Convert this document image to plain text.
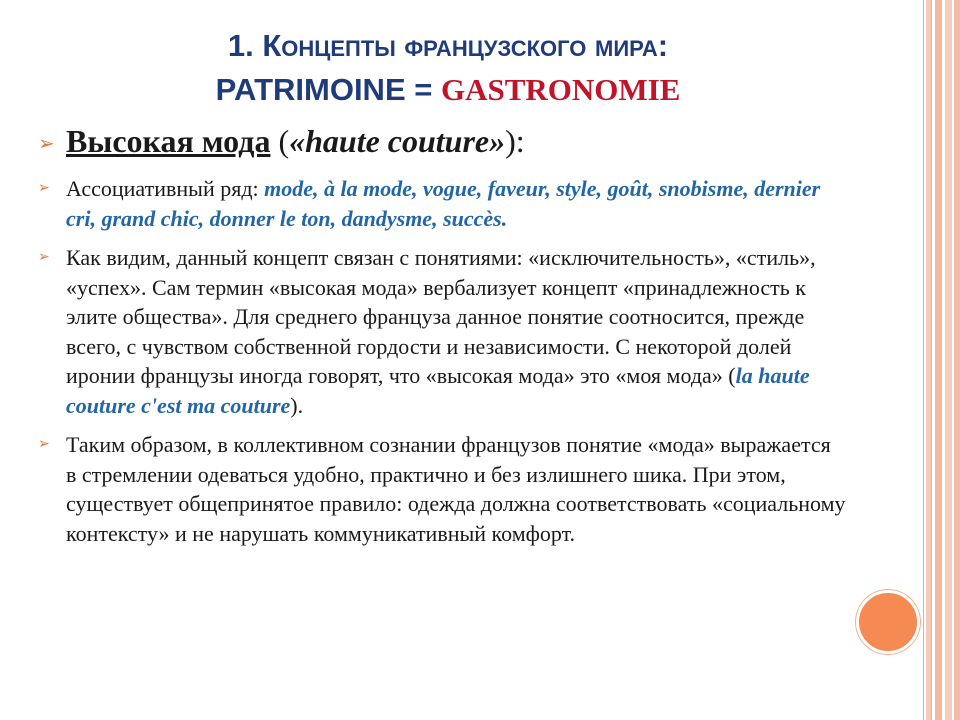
1. Концепты французского мира:
PATRIMOINE = GASTRONOMIE
➢ Высокая мода («haute couture»):
➢ Ассоциативный ряд: mode, à la mode, vogue, faveur, style, goût, snobisme, dernier cri, grand chic, donner le ton, dandysme, succès.
➢ Как видим, данный концепт связан с понятиями: «исключительность», «стиль», «успех». Сам термин «высокая мода» вербализует концепт «принадлежность к элите общества». Для среднего француза данное понятие соотносится, прежде всего, с чувством собственной гордости и независимости. С некоторой долей иронии французы иногда говорят, что «высокая мода» это «моя мода» (la haute couture c'est ma couture).
➢ Таким образом, в коллективном сознании французов понятие «мода» выражается в стремлении одеваться удобно, практично и без излишнего шика. При этом, существует общепринятое правило: одежда должна соответствовать «социальному контексту» и не нарушать коммуникативный комфорт.
